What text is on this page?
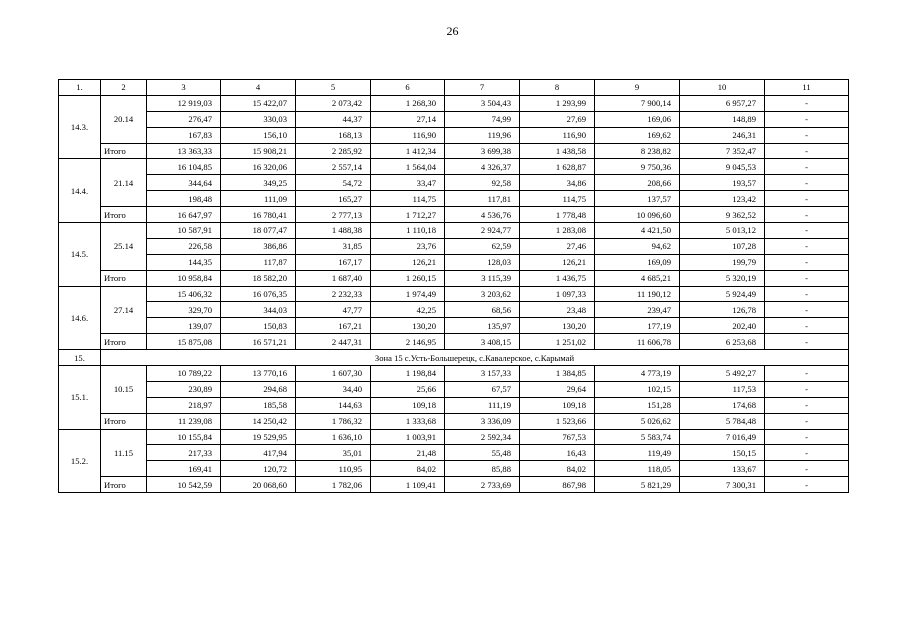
26
1.	2	3	4	5	6	7	8	9	10	11
14.3.	20.14	12 919,03	15 422,07	2 073,42	1 268,30	3 504,43	1 293,99	7 900,14	6 957,27	-
		276,47	330,03	44,37	27,14	74,99	27,69	169,06	148,89	-
		167,83	156,10	168,13	116,90	119,96	116,90	169,62	246,31	-
	Итого	13 363,33	15 908,21	2 285,92	1 412,34	3 699,38	1 438,58	8 238,82	7 352,47	-
14.4.	21.14	16 104,85	16 320,06	2 557,14	1 564,04	4 326,37	1 628,87	9 750,36	9 045,53	-
		344,64	349,25	54,72	33,47	92,58	34,86	208,66	193,57	-
		198,48	111,09	165,27	114,75	117,81	114,75	137,57	123,42	-
	Итого	16 647,97	16 780,41	2 777,13	1 712,27	4 536,76	1 778,48	10 096,60	9 362,52	-
14.5.	25.14	10 587,91	18 077,47	1 488,38	1 110,18	2 924,77	1 283,08	4 421,50	5 013,12	-
		226,58	386,86	31,85	23,76	62,59	27,46	94,62	107,28	-
		144,35	117,87	167,17	126,21	128,03	126,21	169,09	199,79	-
	Итого	10 958,84	18 582,20	1 687,40	1 260,15	3 115,39	1 436,75	4 685,21	5 320,19	-
14.6.	27.14	15 406,32	16 076,35	2 232,33	1 974,49	3 203,62	1 097,33	11 190,12	5 924,49	-
		329,70	344,03	47,77	42,25	68,56	23,48	239,47	126,78	-
		139,07	150,83	167,21	130,20	135,97	130,20	177,19	202,40	-
	Итого	15 875,08	16 571,21	2 447,31	2 146,95	3 408,15	1 251,02	11 606,78	6 253,68	-
15.	Зона 15 с.Усть-Большерецк, с.Кавалерское, с.Карымай									
15.1.	10.15	10 789,22	13 770,16	1 607,30	1 198,84	3 157,33	1 384,85	4 773,19	5 492,27	-
		230,89	294,68	34,40	25,66	67,57	29,64	102,15	117,53	-
		218,97	185,58	144,63	109,18	111,19	109,18	151,28	174,68	-
	Итого	11 239,08	14 250,42	1 786,32	1 333,68	3 336,09	1 523,66	5 026,62	5 784,48	-
15.2.	11.15	10 155,84	19 529,95	1 636,10	1 003,91	2 592,34	767,53	5 583,74	7 016,49	-
		217,33	417,94	35,01	21,48	55,48	16,43	119,49	150,15	-
		169,41	120,72	110,95	84,02	85,88	84,02	118,05	133,67	-
	Итого	10 542,59	20 068,60	1 782,06	1 109,41	2 733,69	867,98	5 821,29	7 300,31	-
